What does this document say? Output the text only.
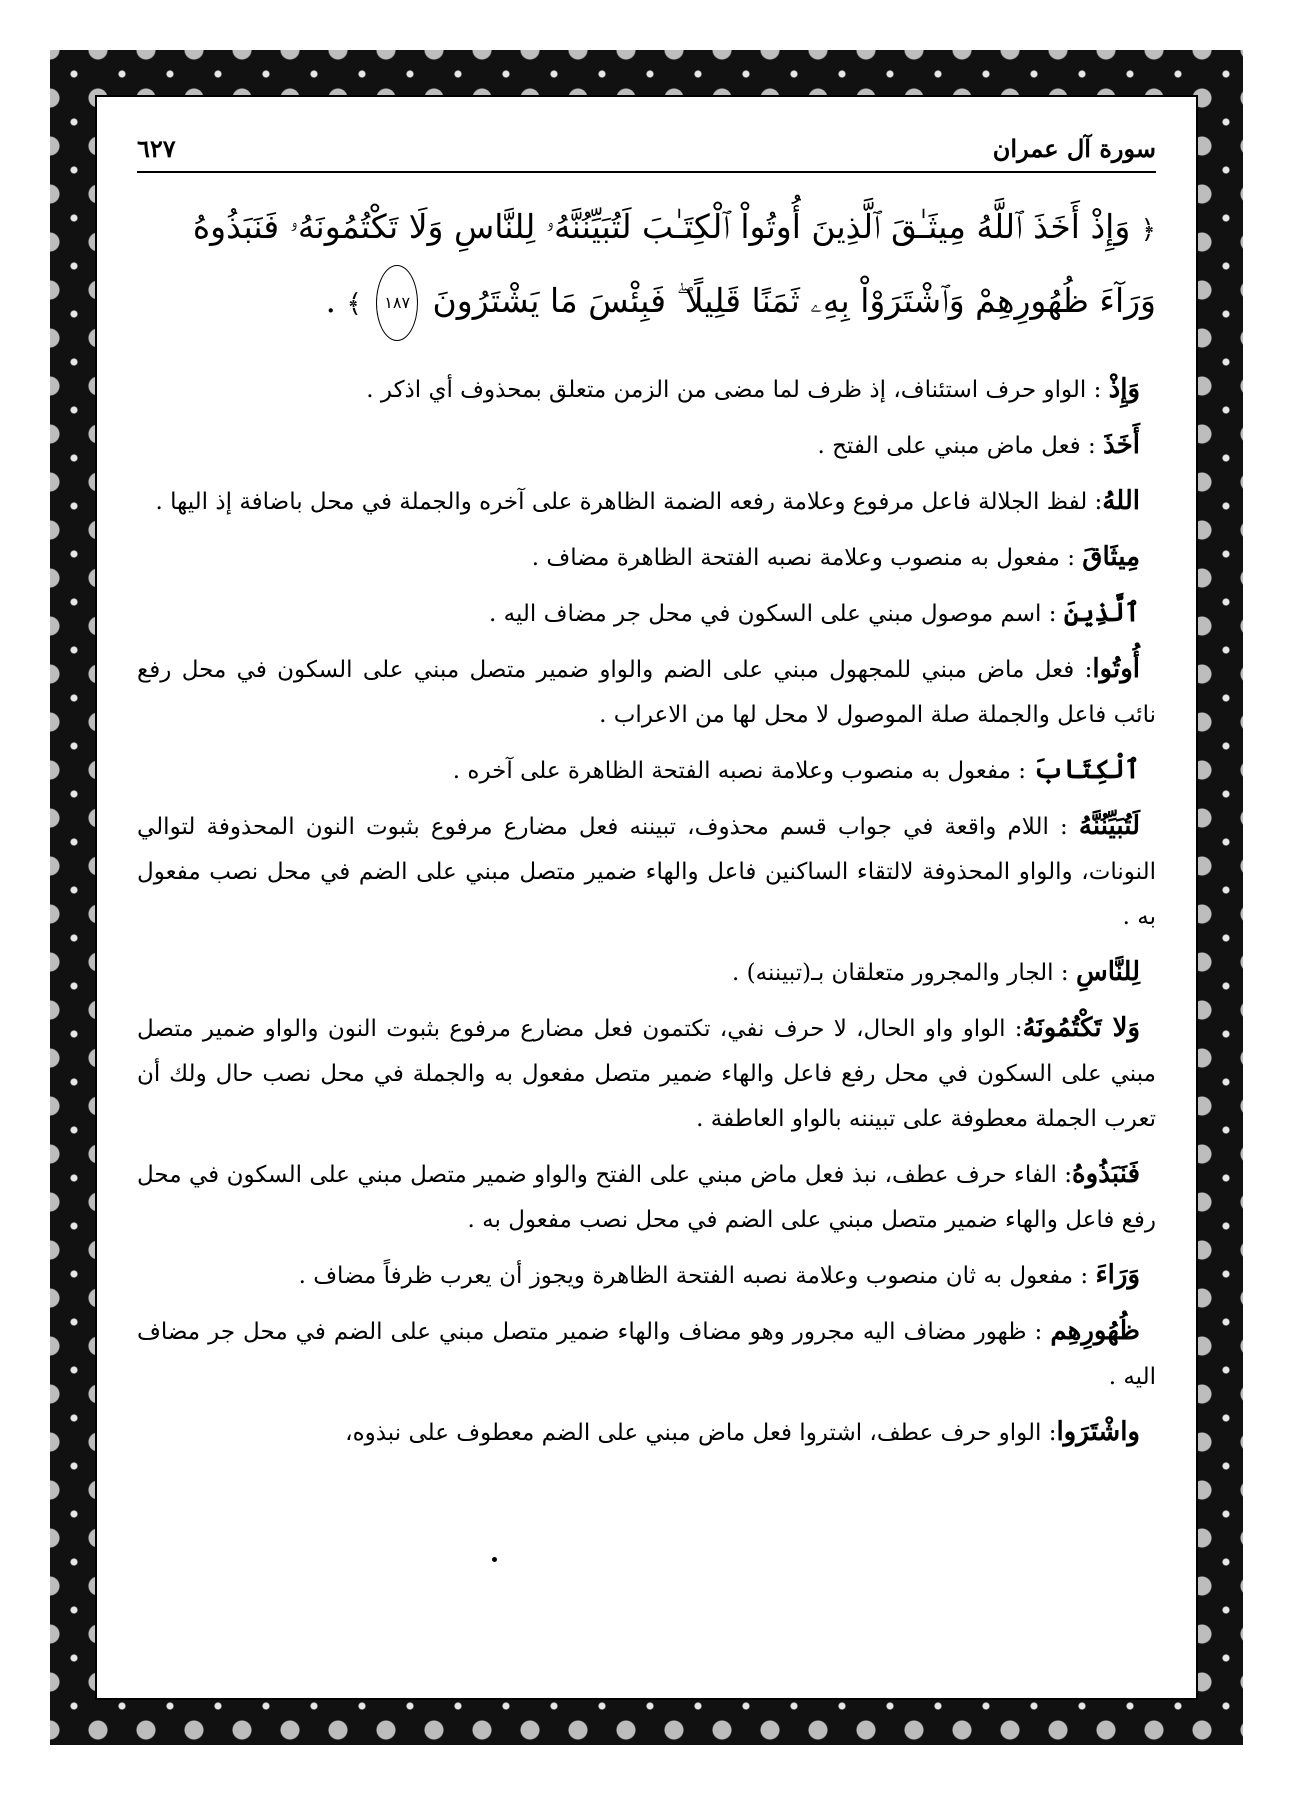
٦٢٧	سورة آل عمران

﴿ وَإِذْ أَخَذَ ٱللَّهُ مِيثَـٰقَ ٱلَّذِينَ أُوتُواْ ٱلْكِتَـٰبَ لَتُبَيِّنُنَّهُۥ لِلنَّاسِ وَلَا تَكْتُمُونَهُۥ فَنَبَذُوهُ وَرَآءَ ظُهُورِهِمْ وَٱشْتَرَوْاْ بِهِۦ ثَمَنًا قَلِيلًا ۖ فَبِئْسَ مَا يَشْتَرُونَ ١٨٧ ﴾ .

وَإِذْ : الواو حرف استئناف، إذ ظرف لما مضى من الزمن متعلق بمحذوف أي اذكر .

أَخَذَ : فعل ماض مبني على الفتح .

اللهُ: لفظ الجلالة فاعل مرفوع وعلامة رفعه الضمة الظاهرة على آخره والجملة في محل باضافة إذ اليها .

مِيثَاقَ : مفعول به منصوب وعلامة نصبه الفتحة الظاهرة مضاف .

ٱلَّذِينَ : اسم موصول مبني على السكون في محل جر مضاف اليه .

أُوتُوا: فعل ماض مبني للمجهول مبني على الضم والواو ضمير متصل مبني على السكون في محل رفع نائب فاعل والجملة صلة الموصول لا محل لها من الاعراب .

ٱلْكِتَابَ : مفعول به منصوب وعلامة نصبه الفتحة الظاهرة على آخره .

لَتُبَيِّنُنَّهُ : اللام واقعة في جواب قسم محذوف، تبيننه فعل مضارع مرفوع بثبوت النون المحذوفة لتوالي النونات، والواو المحذوفة لالتقاء الساكنين فاعل والهاء ضمير متصل مبني على الضم في محل نصب مفعول به .

لِلنَّاسِ : الجار والمجرور متعلقان بـ(تبيننه) .

وَلا تَكْتُمُونَهُ: الواو واو الحال، لا حرف نفي، تكتمون فعل مضارع مرفوع بثبوت النون والواو ضمير متصل مبني على السكون في محل رفع فاعل والهاء ضمير متصل مفعول به والجملة في محل نصب حال ولك أن تعرب الجملة معطوفة على تبيننه بالواو العاطفة .

فَنَبَذُوهُ: الفاء حرف عطف، نبذ فعل ماض مبني على الفتح والواو ضمير متصل مبني على السكون في محل رفع فاعل والهاء ضمير متصل مبني على الضم في محل نصب مفعول به .

وَرَاءَ : مفعول به ثان منصوب وعلامة نصبه الفتحة الظاهرة ويجوز أن يعرب ظرفاً مضاف .

ظُهُورِهِم : ظهور مضاف اليه مجرور وهو مضاف والهاء ضمير متصل مبني على الضم في محل جر مضاف اليه .

واشْتَرَوا: الواو حرف عطف، اشتروا فعل ماض مبني على الضم معطوف على نبذوه،
